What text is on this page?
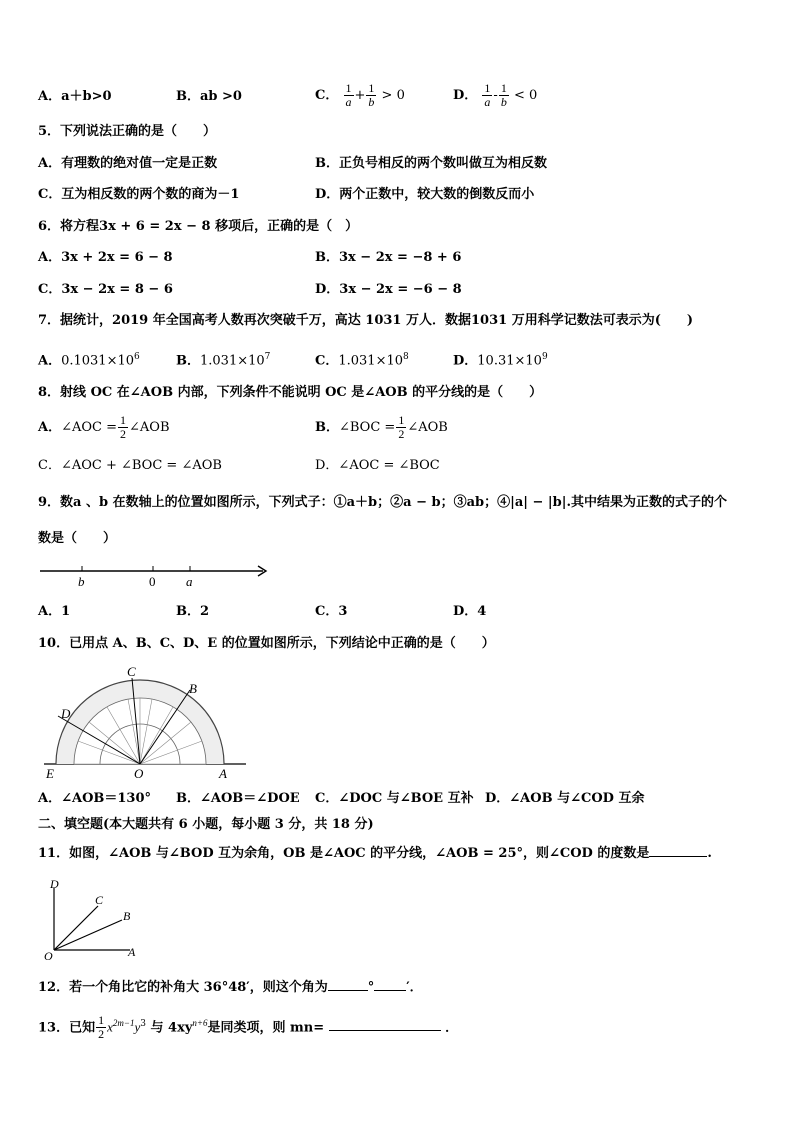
A．a＋b>0	B．ab >0	C． $\frac{1}{a} + \frac{1}{b} > 0$	D． $\frac{1}{a} - \frac{1}{b} < 0$
5．下列说法正确的是（　　）
A．有理数的绝对值一定是正数	B．正负号相反的两个数叫做互为相反数
C．互为相反数的两个数的商为－1	D．两个正数中，较大数的倒数反而小
6．将方程3x + 6 = 2x − 8 移项后，正确的是（　）
A．3x + 2x = 6 − 8	B．3x − 2x = −8 + 6
C．3x − 2x = 8 − 6	D．3x − 2x = −6 − 8
7．据统计，2019 年全国高考人数再次突破千万，高达 1031 万人．数据1031 万用科学记数法可表示为(　　)
A．$0.1031\times 10^6$	B．$1.031\times 10^7$	C．$1.031\times 10^8$	D．$10.31\times 10^9$
8．射线 OC 在∠AOB 内部，下列条件不能说明 OC 是∠AOB 的平分线的是（　　）
A．∠AOC = $\frac{1}{2}$ ∠AOB	B．∠BOC = $\frac{1}{2}$ ∠AOB
C．∠AOC + ∠BOC = ∠AOB	D．∠AOC = ∠BOC
9．数a 、b 在数轴上的位置如图所示，下列式子：①a＋b；②a − b；③ab；④|a| − |b|.其中结果为正数的式子的个
数是（　　）
b	0 a
A．1	B．2	C．3	D．4
10．已用点 A、B、C、D、E 的位置如图所示，下列结论中正确的是（　　）
C
B
D
E	O	A
A．∠AOB＝130° B．∠AOB＝∠DOE C．∠DOC 与∠BOE 互补 D．∠AOB 与∠COD 互余
二、填空题(本大题共有 6 小题，每小题 3 分，共 18 分)
11．如图，∠AOB 与∠BOD 互为余角，OB 是∠AOC 的平分线，∠AOB = 25°，则∠COD 的度数是	.
D
C
B
O	A
12．若一个角比它的补角大 36°48′，则这个角为	° ′．
13．已知 $\frac{1}{2} x^{2m-1}y^3$ 与 $4xy^{n+6}$是同类项，则 mn=	．
